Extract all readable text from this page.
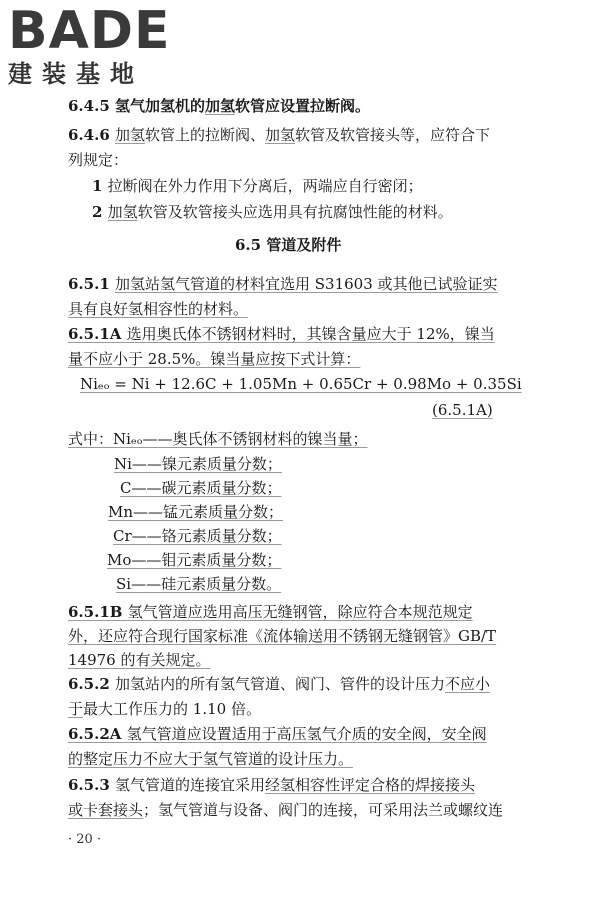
BADE
建装基地
6.4.5 氢气加氢机的加氢软管应设置拉断阀。
6.4.6 加氢软管上的拉断阀、加氢软管及软管接头等，应符合下
列规定：
1 拉断阀在外力作用下分离后，两端应自行密闭；
2 加氢软管及软管接头应选用具有抗腐蚀性能的材料。
6.5 管道及附件
6.5.1 加氢站氢气管道的材料宜选用 S31603 或其他已试验证实
具有良好氢相容性的材料。
6.5.1A 选用奥氏体不锈钢材料时，其镍含量应大于 12%，镍当
量不应小于 28.5%。镍当量应按下式计算：
Niₑₒ = Ni + 12.6C + 1.05Mn + 0.65Cr + 0.98Mo + 0.35Si
(6.5.1A)
式中：Niₑₒ——奥氏体不锈钢材料的镍当量；
Ni——镍元素质量分数；
C——碳元素质量分数；
Mn——锰元素质量分数；
Cr——铬元素质量分数；
Mo——钼元素质量分数；
Si——硅元素质量分数。
6.5.1B 氢气管道应选用高压无缝钢管，除应符合本规范规定
外，还应符合现行国家标准《流体输送用不锈钢无缝钢管》GB/T
14976 的有关规定。
6.5.2 加氢站内的所有氢气管道、阀门、管件的设计压力不应小
于最大工作压力的 1.10 倍。
6.5.2A 氢气管道应设置适用于高压氢气介质的安全阀，安全阀
的整定压力不应大于氢气管道的设计压力。
6.5.3 氢气管道的连接宜采用经氢相容性评定合格的焊接接头
或卡套接头；氢气管道与设备、阀门的连接，可采用法兰或螺纹连
· 20 ·
